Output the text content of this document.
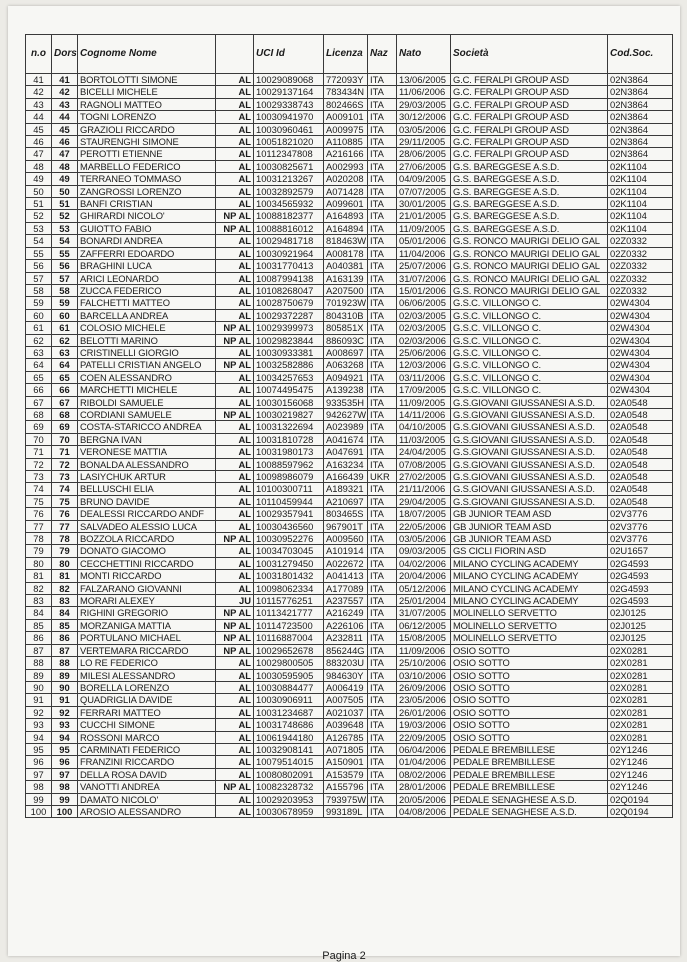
n.o	Dors	Cognome Nome		UCI Id	Licenza	Naz	Nato	Società	Cod.Soc.
41	41	BORTOLOTTI SIMONE	AL	10029089068	772093Y	ITA	13/06/2005	G.C. FERALPI GROUP ASD	02N3864
42	42	BICELLI MICHELE	AL	10029137164	783434N	ITA	11/06/2006	G.C. FERALPI GROUP ASD	02N3864
43	43	RAGNOLI MATTEO	AL	10029338743	802466S	ITA	29/03/2005	G.C. FERALPI GROUP ASD	02N3864
44	44	TOGNI LORENZO	AL	10030941970	A009101	ITA	30/12/2006	G.C. FERALPI GROUP ASD	02N3864
45	45	GRAZIOLI RICCARDO	AL	10030960461	A009975	ITA	03/05/2006	G.C. FERALPI GROUP ASD	02N3864
46	46	STAURENGHI SIMONE	AL	10051821020	A110885	ITA	29/11/2005	G.C. FERALPI GROUP ASD	02N3864
47	47	PEROTTI ETIENNE	AL	10112347808	A216166	ITA	28/06/2005	G.C. FERALPI GROUP ASD	02N3864
48	48	MARBELLO FEDERICO	AL	10030825671	A002993	ITA	27/06/2005	G.S. BAREGGESE A.S.D.	02K1104
49	49	TERRANEO TOMMASO	AL	10031213267	A020208	ITA	04/09/2005	G.S. BAREGGESE A.S.D.	02K1104
50	50	ZANGROSSI LORENZO	AL	10032892579	A071428	ITA	07/07/2005	G.S. BAREGGESE A.S.D.	02K1104
51	51	BANFI CRISTIAN	AL	10034565932	A099601	ITA	30/01/2005	G.S. BAREGGESE A.S.D.	02K1104
52	52	GHIRARDI NICOLO'	NP AL	10088182377	A164893	ITA	21/01/2005	G.S. BAREGGESE A.S.D.	02K1104
53	53	GUIOTTO FABIO	NP AL	10088816012	A164894	ITA	11/09/2005	G.S. BAREGGESE A.S.D.	02K1104
54	54	BONARDI ANDREA	AL	10029481718	818463W	ITA	05/01/2006	G.S. RONCO MAURIGI DELIO GAL	02Z0332
55	55	ZAFFERRI EDOARDO	AL	10030921964	A008178	ITA	11/04/2006	G.S. RONCO MAURIGI DELIO GAL	02Z0332
56	56	BRAGHINI LUCA	AL	10031770413	A040381	ITA	25/07/2006	G.S. RONCO MAURIGI DELIO GAL	02Z0332
57	57	ARICI LEONARDO	AL	10087994138	A163139	ITA	31/07/2006	G.S. RONCO MAURIGI DELIO GAL	02Z0332
58	58	ZUCCA FEDERICO	AL	10108268047	A207500	ITA	15/01/2006	G.S. RONCO MAURIGI DELIO GAL	02Z0332
59	59	FALCHETTI MATTEO	AL	10028750679	701923W	ITA	06/06/2005	G.S.C. VILLONGO C.	02W4304
60	60	BARCELLA ANDREA	AL	10029372287	804310B	ITA	02/03/2005	G.S.C. VILLONGO C.	02W4304
61	61	COLOSIO MICHELE	NP AL	10029399973	805851X	ITA	02/03/2005	G.S.C. VILLONGO C.	02W4304
62	62	BELOTTI MARINO	NP AL	10029823844	886093C	ITA	02/03/2006	G.S.C. VILLONGO C.	02W4304
63	63	CRISTINELLI GIORGIO	AL	10030933381	A008697	ITA	25/06/2006	G.S.C. VILLONGO C.	02W4304
64	64	PATELLI CRISTIAN ANGELO	NP AL	10032582886	A063268	ITA	12/03/2006	G.S.C. VILLONGO C.	02W4304
65	65	COEN ALESSANDRO	AL	10034257653	A094921	ITA	03/11/2006	G.S.C. VILLONGO C.	02W4304
66	66	MARCHETTI MICHELE	AL	10074495475	A139238	ITA	17/09/2005	G.S.C. VILLONGO C.	02W4304
67	67	RIBOLDI SAMUELE	AL	10030156068	933535H	ITA	11/09/2005	G.S.GIOVANI GIUSSANESI A.S.D.	02A0548
68	68	CORDIANI SAMUELE	NP AL	10030219827	942627W	ITA	14/11/2006	G.S.GIOVANI GIUSSANESI A.S.D.	02A0548
69	69	COSTA-STARICCO ANDREA	AL	10031322694	A023989	ITA	04/10/2005	G.S.GIOVANI GIUSSANESI A.S.D.	02A0548
70	70	BERGNA IVAN	AL	10031810728	A041674	ITA	11/03/2005	G.S.GIOVANI GIUSSANESI A.S.D.	02A0548
71	71	VERONESE MATTIA	AL	10031980173	A047691	ITA	24/04/2005	G.S.GIOVANI GIUSSANESI A.S.D.	02A0548
72	72	BONALDA ALESSANDRO	AL	10088597962	A163234	ITA	07/08/2005	G.S.GIOVANI GIUSSANESI A.S.D.	02A0548
73	73	LASIYCHUK ARTUR	AL	10098986079	A166439	UKR	27/02/2005	G.S.GIOVANI GIUSSANESI A.S.D.	02A0548
74	74	BELLUSCHI ELIA	AL	10100300711	A189321	ITA	21/11/2006	G.S.GIOVANI GIUSSANESI A.S.D.	02A0548
75	75	BRUNO DAVIDE	AL	10110459944	A210697	ITA	29/04/2005	G.S.GIOVANI GIUSSANESI A.S.D.	02A0548
76	76	DEALESSI RICCARDO ANDF	AL	10029357941	803465S	ITA	18/07/2005	GB JUNIOR TEAM ASD	02V3776
77	77	SALVADEO ALESSIO LUCA	AL	10030436560	967901T	ITA	22/05/2006	GB JUNIOR TEAM ASD	02V3776
78	78	BOZZOLA RICCARDO	NP AL	10030952276	A009560	ITA	03/05/2006	GB JUNIOR TEAM ASD	02V3776
79	79	DONATO GIACOMO	AL	10034703045	A101914	ITA	09/03/2005	GS CICLI FIORIN ASD	02U1657
80	80	CECCHETTINI RICCARDO	AL	10031279450	A022672	ITA	04/02/2006	MILANO CYCLING ACADEMY	02G4593
81	81	MONTI RICCARDO	AL	10031801432	A041413	ITA	20/04/2006	MILANO CYCLING ACADEMY	02G4593
82	82	FALZARANO GIOVANNI	AL	10098062334	A177089	ITA	05/12/2006	MILANO CYCLING ACADEMY	02G4593
83	83	MORARI ALEXEY	JU	10115776251	A237557	ITA	25/01/2004	MILANO CYCLING ACADEMY	02G4593
84	84	RIGHINI GREGORIO	NP AL	10113421777	A216249	ITA	31/07/2005	MOLINELLO SERVETTO	02J0125
85	85	MORZANIGA MATTIA	NP AL	10114723500	A226106	ITA	06/12/2005	MOLINELLO SERVETTO	02J0125
86	86	PORTULANO MICHAEL	NP AL	10116887004	A232811	ITA	15/08/2005	MOLINELLO SERVETTO	02J0125
87	87	VERTEMARA RICCARDO	NP AL	10029652678	856244G	ITA	11/09/2006	OSIO SOTTO	02X0281
88	88	LO RE FEDERICO	AL	10029800505	883203U	ITA	25/10/2006	OSIO SOTTO	02X0281
89	89	MILESI ALESSANDRO	AL	10030595905	984630Y	ITA	03/10/2006	OSIO SOTTO	02X0281
90	90	BORELLA LORENZO	AL	10030884477	A006419	ITA	26/09/2006	OSIO SOTTO	02X0281
91	91	QUADRIGLIA DAVIDE	AL	10030906911	A007505	ITA	23/05/2006	OSIO SOTTO	02X0281
92	92	FERRARI MATTEO	AL	10031234687	A021037	ITA	26/01/2006	OSIO SOTTO	02X0281
93	93	CUCCHI SIMONE	AL	10031748686	A039648	ITA	19/03/2006	OSIO SOTTO	02X0281
94	94	ROSSONI MARCO	AL	10061944180	A126785	ITA	22/09/2005	OSIO SOTTO	02X0281
95	95	CARMINATI FEDERICO	AL	10032908141	A071805	ITA	06/04/2006	PEDALE BREMBILLESE	02Y1246
96	96	FRANZINI RICCARDO	AL	10079514015	A150901	ITA	01/04/2006	PEDALE BREMBILLESE	02Y1246
97	97	DELLA ROSA DAVID	AL	10080802091	A153579	ITA	08/02/2006	PEDALE BREMBILLESE	02Y1246
98	98	VANOTTI ANDREA	NP AL	10082328732	A155796	ITA	28/01/2006	PEDALE BREMBILLESE	02Y1246
99	99	DAMATO NICOLO'	AL	10029203953	793975W	ITA	20/05/2006	PEDALE SENAGHESE A.S.D.	02Q0194
100	100	AROSIO ALESSANDRO	AL	10030678959	993189L	ITA	04/08/2006	PEDALE SENAGHESE A.S.D.	02Q0194
Pagina 2
